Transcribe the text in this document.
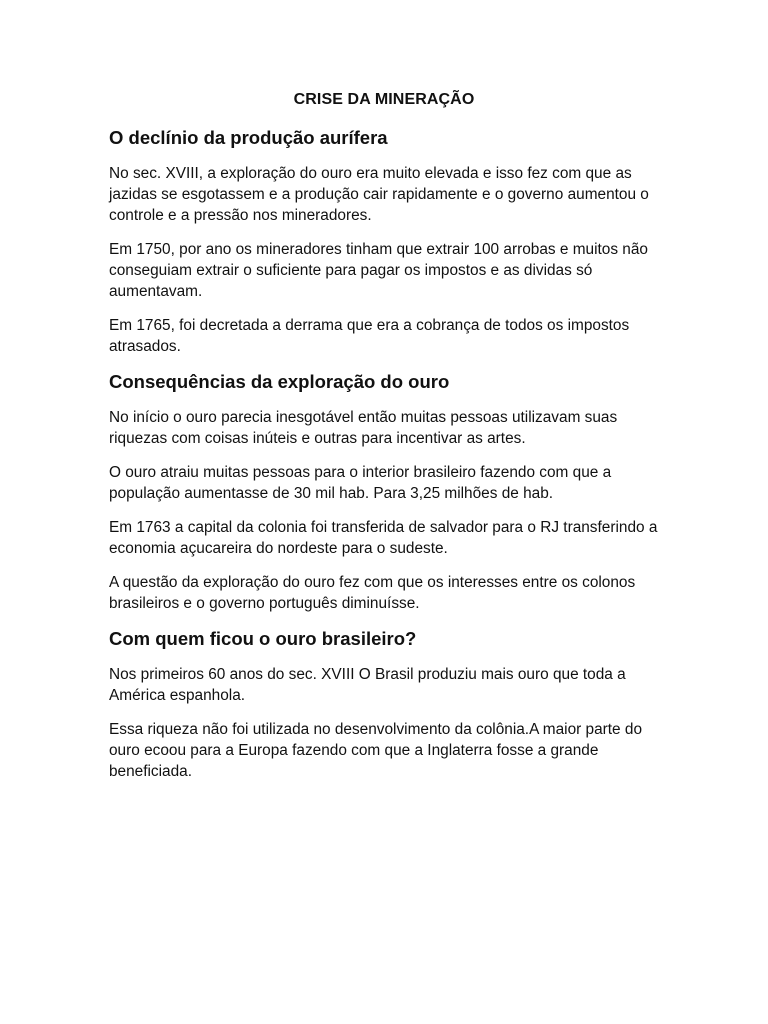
CRISE DA MINERAÇÃO
O declínio da produção aurífera

No sec. XVIII, a exploração do ouro era muito elevada e isso fez com que as jazidas se esgotassem e a produção cair rapidamente e o governo aumentou o controle e a pressão nos mineradores.

Em 1750, por ano os mineradores tinham que extrair 100 arrobas e muitos não conseguiam extrair o suficiente para pagar os impostos e as dividas só aumentavam.

Em 1765, foi decretada a derrama que era a cobrança de todos os impostos atrasados.

Consequências da exploração do ouro

No início o ouro parecia inesgotável então muitas pessoas utilizavam suas riquezas com coisas inúteis e outras para incentivar as artes.

O ouro atraiu muitas pessoas para o interior brasileiro fazendo com que a população aumentasse de 30 mil hab. Para 3,25 milhões de hab.

Em 1763 a capital da colonia foi transferida de salvador para o RJ transferindo a economia açucareira do nordeste para o sudeste.

A questão da exploração do ouro fez com que os interesses entre os colonos brasileiros e o governo português diminuísse.

Com quem ficou o ouro brasileiro?

Nos primeiros 60 anos do sec. XVIII O Brasil produziu mais ouro que toda a América espanhola.

Essa riqueza não foi utilizada no desenvolvimento da colônia.A maior parte do ouro ecoou para a Europa fazendo com que a Inglaterra fosse a grande beneficiada.
